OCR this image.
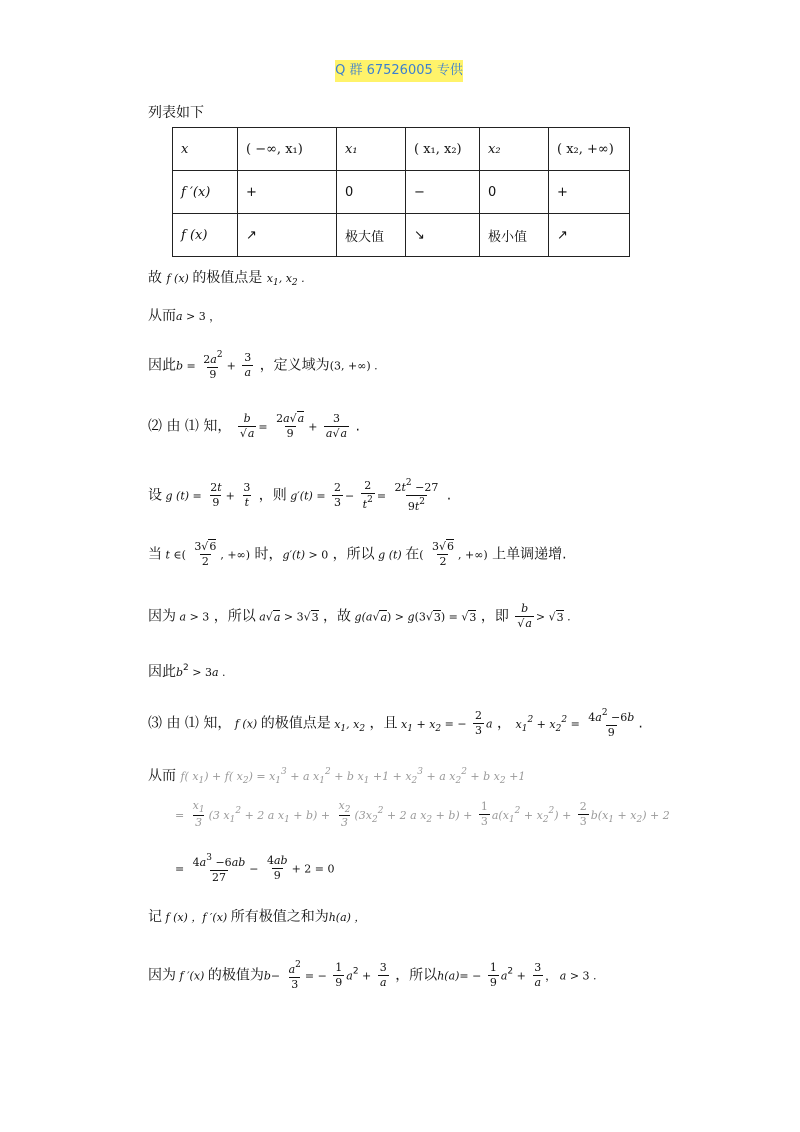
Q 群 67526005 专供
列表如下
x	( −∞, x₁)	x₁	( x₁, x₂)	x₂	( x₂, +∞)
f ′(x)	+	0	−	0	+
f (x)	↗	极大值	↘	极小值	↗
故 f (x) 的极值点是 $x_1$, $x_2$ .
从而a > 3 ，
因此$b = \frac{2a^2}{9} + \frac{3}{a}$ ，定义域为(3, +∞) .
⑵ 由 ⑴ 知， $\frac{b}{√a} = \frac{2a√a}{9} + \frac{3}{a√a}$ .
设 g $(t) = \frac{2t}{9} + \frac{3}{t}$ ，则 $g'(t) = \frac{2}{3} - \frac{2}{t^2} = \frac{2t^2 -27}{9t^2}$ .
当 t ∈( $\frac{3√6}{2}$ , +∞) 时，g′(t) > 0 ，所以 g (t) 在( $\frac{3√6}{2}$ , +∞) 上单调递增.
因为 a > 3 ，所以 a√a > 3√3 ，故 g(a√a) > g(3√3) = √3 ，即 $\frac{b}{√a} > √3$ .
因此$b^2 > 3a$ .
⑶ 由 ⑴ 知， f (x) 的极值点是 $x_1$, $x_2$ ，且 $x_1 + x_2$ = − $\frac{2}{3}$ a ， $x_1^2 + x_2^2 = \frac{4a^2 -6b}{9}$ .
从而 f( $x_1) + f$( $x_2) = x_1^3 + a$ $x_1^2 + b$ $x_1 +1 + x_2^3 + a$ $x_2^2 + b$ $x_2 +1$
= $\frac{x_1}{3} (3$ $x_1^2 + 2$ a $x_1 + b) + \frac{x_2}{3} (3x_2^2 + 2$ a $x_2 + b) + \frac{1}{3} a(x_1^2 + x_2^2) + \frac{2}{3} b(x_1 + x_2) + 2$
= $\frac{4a^3 -6ab}{27} - \frac{4ab}{9} + 2 = 0$
记 f (x) ，f ′(x) 所有极值之和为h(a) ，
因为 f ′(x) 的极值为$b- \frac{a^2}{3}$ = − $\frac{1}{9} a^2 + \frac{3}{a}$ ，所以$h(a)= - \frac{1}{9} a^2 + \frac{3}{a}$ ， a > 3 .
